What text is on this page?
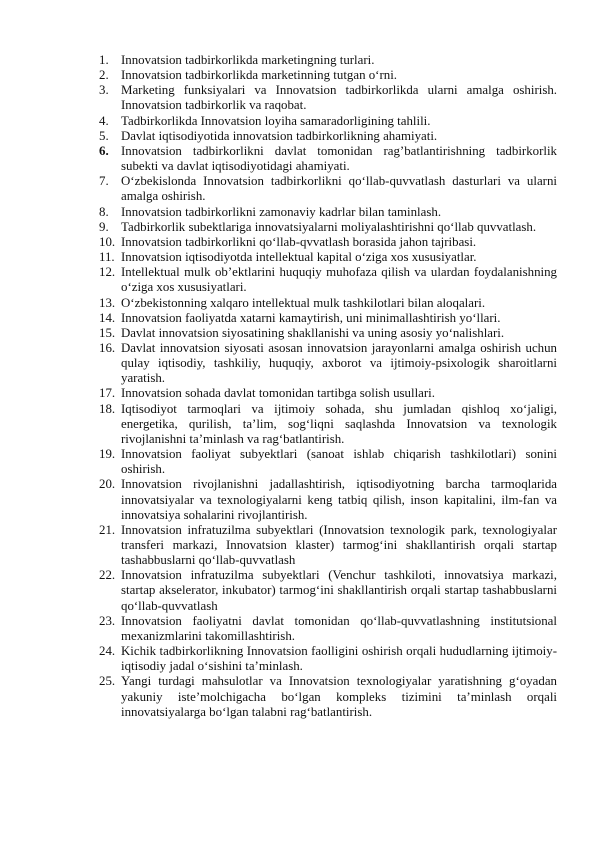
1. Innovatsion tadbirkorlikda marketingning turlari.
2. Innovatsion tadbirkorlikda marketinning tutgan o‘rni.
3. Marketing funksiyalari va Innovatsion tadbirkorlikda ularni amalga oshirish. Innovatsion tadbirkorlik va raqobat.
4. Tadbirkorlikda Innovatsion loyiha samaradorligining tahlili.
5. Davlat iqtisodiyotida innovatsion tadbirkorlikning ahamiyati.
6. Innovatsion tadbirkorlikni davlat tomonidan rag’batlantirishning tadbirkorlik subekti va davlat iqtisodiyotidagi ahamiyati.
7. O‘zbekislonda Innovatsion tadbirkorlikni qo‘llab-quvvatlash dasturlari va ularni amalga oshirish.
8. Innovatsion tadbirkorlikni zamonaviy kadrlar bilan taminlash.
9. Tadbirkorlik subektlariga innovatsiyalarni moliyalashtirishni qo‘llab quvvatlash.
10. Innovatsion tadbirkorlikni qo‘llab-qvvatlash borasida jahon tajribasi.
11. Innovatsion iqtisodiyotda intellektual kapital o‘ziga xos xususiyatlar.
12. Intellektual mulk ob’ektlarini huquqiy muhofaza qilish va ulardan foydalanishning o‘ziga xos xususiyatlari.
13. O‘zbekistonning xalqaro intellektual mulk tashkilotlari bilan aloqalari.
14. Innovatsion faoliyatda xatarni kamaytirish, uni minimallashtirish yo‘llari.
15. Davlat innovatsion siyosatining shakllanishi va uning asosiy yo‘nalishlari.
16. Davlat innovatsion siyosati asosan innovatsion jarayonlarni amalga oshirish uchun qulay iqtisodiy, tashkiliy, huquqiy, axborot va ijtimoiy-psixologik sharoitlarni yaratish.
17. Innovatsion sohada davlat tomonidan tartibga solish usullari.
18. Iqtisodiyot tarmoqlari va ijtimoiy sohada, shu jumladan qishloq xo‘jaligi, energetika, qurilish, ta’lim, sog‘liqni saqlashda Innovatsion va texnologik rivojlanishni ta’minlash va rag‘batlantirish.
19. Innovatsion faoliyat subyektlari (sanoat ishlab chiqarish tashkilotlari) sonini oshirish.
20. Innovatsion rivojlanishni jadallashtirish, iqtisodiyotning barcha tarmoqlarida innovatsiyalar va texnologiyalarni keng tatbiq qilish, inson kapitalini, ilm-fan va innovatsiya sohalarini rivojlantirish.
21. Innovatsion infratuzilma subyektlari (Innovatsion texnologik park, texnologiyalar transferi markazi, Innovatsion klaster) tarmog‘ini shakllantirish orqali startap tashabbuslarni qo‘llab-quvvatlash
22. Innovatsion infratuzilma subyektlari (Venchur tashkiloti, innovatsiya markazi, startap akselerator, inkubator) tarmog‘ini shakllantirish orqali startap tashabbuslarni qo‘llab-quvvatlash
23. Innovatsion faoliyatni davlat tomonidan qo‘llab-quvvatlashning institutsional mexanizmlarini takomillashtirish.
24. Kichik tadbirkorlikning Innovatsion faolligini oshirish orqali hududlarning ijtimoiy-iqtisodiy jadal o‘sishini ta’minlash.
25. Yangi turdagi mahsulotlar va Innovatsion texnologiyalar yaratishning g‘oyadan yakuniy iste’molchigacha bo‘lgan kompleks tizimini ta’minlash orqali innovatsiyalarga bo‘lgan talabni rag‘batlantirish.
